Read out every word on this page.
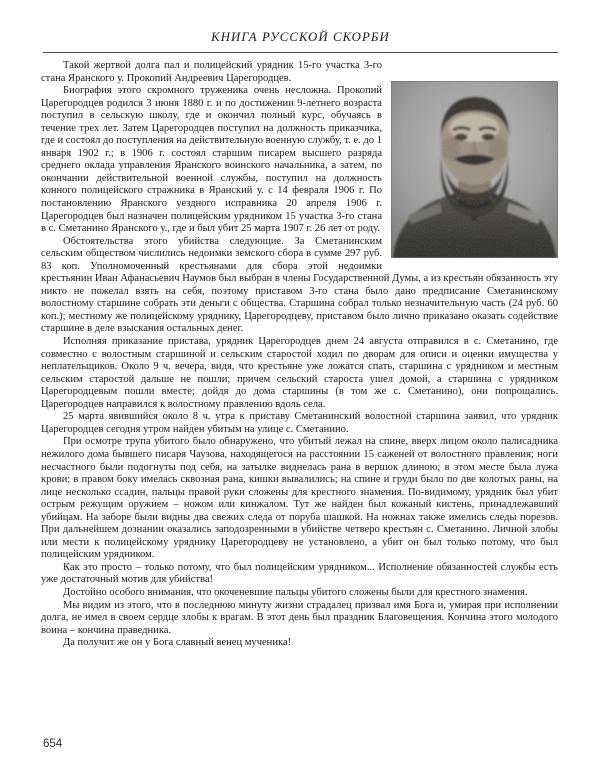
КНИГА РУССКОЙ СКОРБИ

Такой жертвой долга пал и полицейский урядник 15-го участка 3-го стана Яранского у. Прокопий Андреевич Царегородцев.

Биография этого скромного труженика очень несложна. Прокопий Царегородцев родился 3 июня 1880 г. и по достижении 9-летнего возраста поступил в сельскую школу, где и окончил полный курс, обучаясь в течение трех лет. Затем Царегородцев поступил на должность приказчика, где и состоял до поступления на действительную военную службу, т. е. до 1 января 1902 г.; в 1906 г. состоял старшим писарем высшего разряда среднего оклада управления Яранского воинского начальника, а затем, по окончании действительной военной службы, поступил на должность конного полицейского стражника в Яранский у. с 14 февраля 1906 г. По постановлению Яранского уездного исправника 20 апреля 1906 г. Царегородцев был назначен полицейским урядником 15 участка 3-го стана в с. Сметанино Яранского у., где и был убит 25 марта 1907 г. 26 лет от роду.

Обстоятельства этого убийства следующие. За Сметанинским сельским обществом числились недоимки земского сбора в сумме 297 руб. 83 коп. Уполномоченный крестьянами для сбора этой недоимки крестьянин Иван Афанасьевич Наумов был выбран в члены Государственной Думы, а из крестьян обязанность эту никто не пожелал взять на себя, поэтому приставом 3-го стана было дано предписание Сметанинскому волостному старшине собрать эти деньги с общества. Старшина собрал только незначительную часть (24 руб. 60 коп.); местному же полицейскому уряднику, Царегородцеву, приставом было лично приказано оказать содействие старшине в деле взыскания остальных денег.

Исполняя приказание пристава, урядник Царегородцев днем 24 августа отправился в с. Сметанино, где совместно с волостным старшиной и сельским старостой ходил по дворам для описи и оценки имущества у неплательщиков. Около 9 ч. вечера, видя, что крестьяне уже ложатся спать, старшина с урядником и местным сельским старостой дальше не пошли; причем сельский староста ушел домой, а старшина с урядником Царегородцевым пошли вместе; дойдя до дома старшины (в том же с. Сметанино), они попрощались. Царегородцев направился к волостному правлению вдоль села.

25 марта явившийся около 8 ч. утра к приставу Сметанинский волостной старшина заявил, что урядник Царегородцев сегодня утром найден убитым на улице с. Сметанино.

При осмотре трупа убитого было обнаружено, что убитый лежал на спине, вверх лицом около палисадника нежилого дома бывшего писаря Чаузова, находящегося на расстоянии 15 саженей от волостного правления; ноги несчастного были подогнуты под себя, на затылке виднелась рана в вершок длиною; в этом месте была лужа крови; в правом боку имелась сквозная рана, кишки вывалились; на спине и груди было по две колотых раны, на лице несколько ссадин, пальцы правой руки сложены для крестного знамения. По-видимому, урядник был убит острым режущим оружием – ножом или кинжалом. Тут же найден был кожаный кистень, принадлежавший убийцам. На заборе были видны два свежих следа от поруба шашкой. На ножнах также имелись следы порезов. При дальнейшем дознании оказались заподозренными в убийстве четверо крестьян с. Сметанино. Личной злобы или мести к полицейскому уряднику Царегородцеву не установлено, а убит он был только потому, что был полицейским урядником.

Как это просто – только потому, что был полицейским урядником... Исполнение обязанностей службы есть уже достаточный мотив для убийства!

Достойно особого внимания, что окоченевшие пальцы убитого сложены были для крестного знамения.

Мы видим из этого, что в последнюю минуту жизни страдалец призвал имя Бога и, умирая при исполнении долга, не имел в своем сердце злобы к врагам. В этот день был праздник Благовещения. Кончина этого молодого воина – кончина праведника.

Да получит же он у Бога славный венец мученика!

654
